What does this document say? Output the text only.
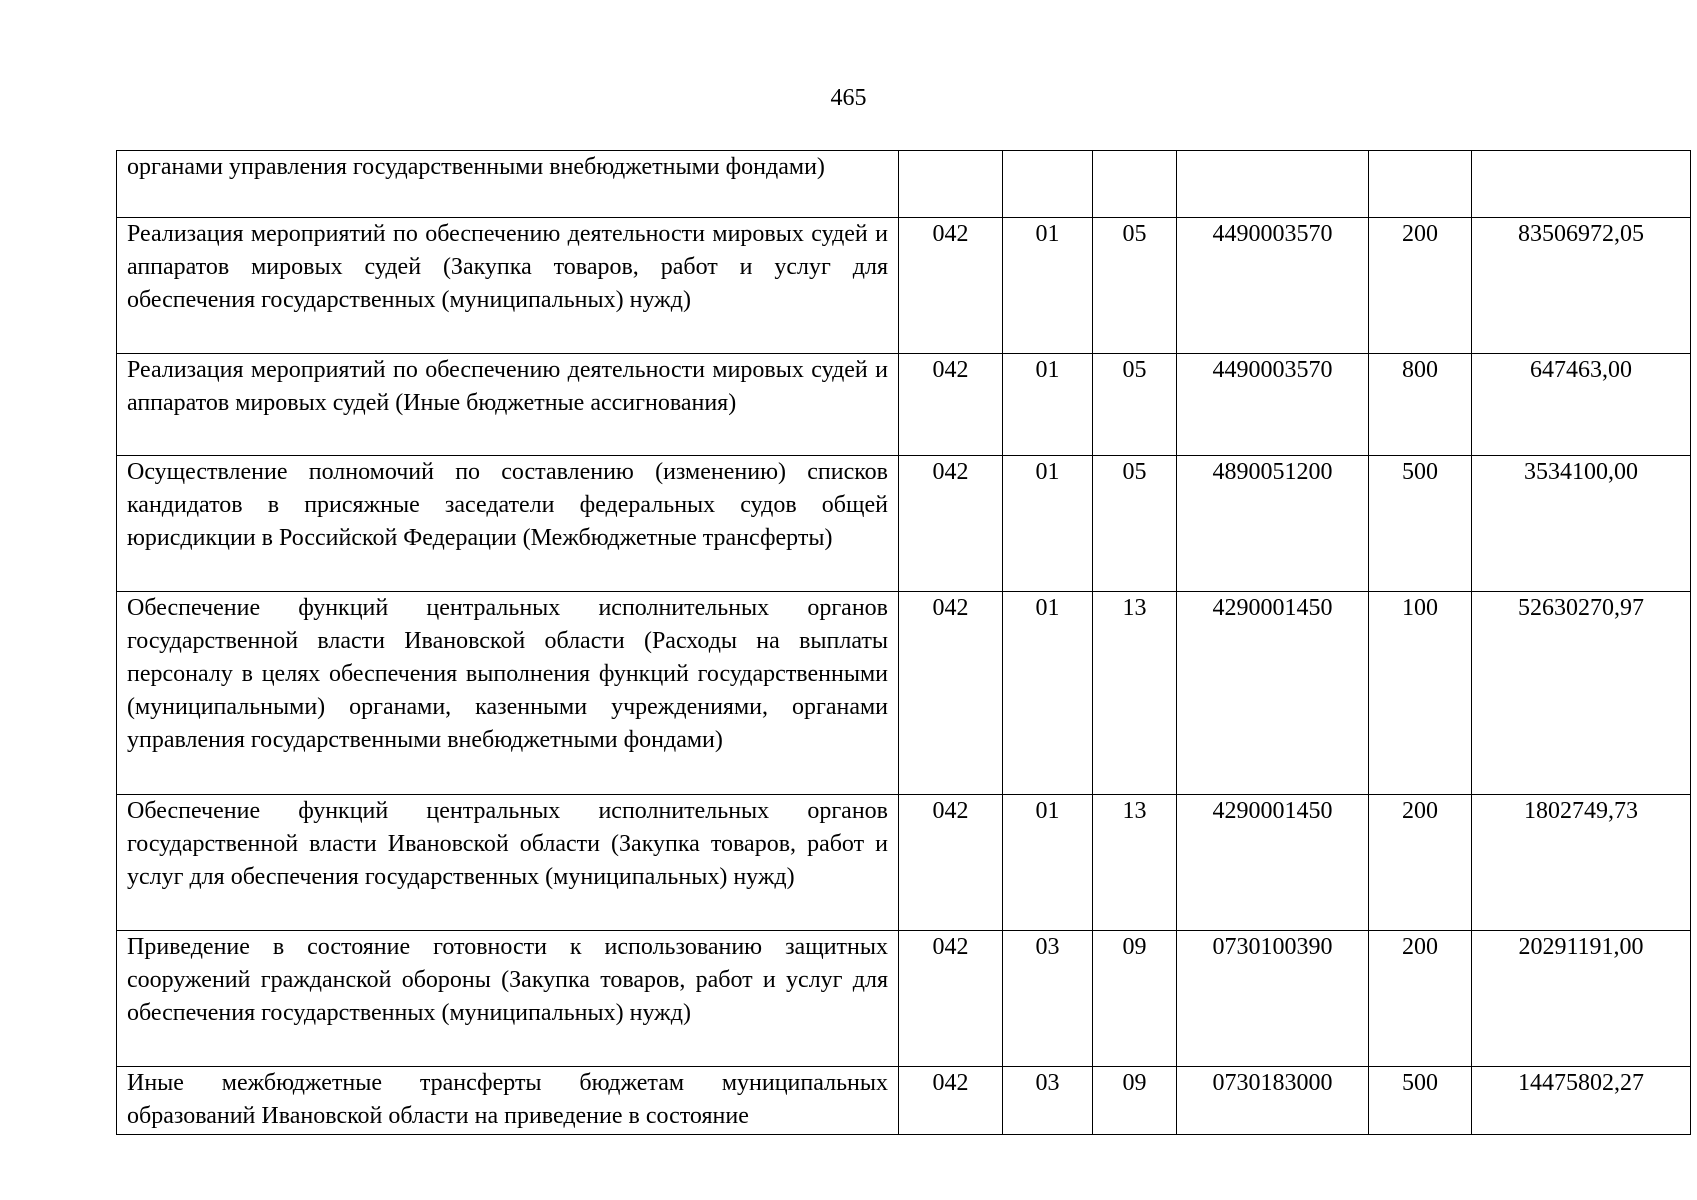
465
органами управления государственными внебюджетными фондами)						
Реализация мероприятий по обеспечению деятельности мировых судей и аппаратов мировых судей (Закупка товаров, работ и услуг для обеспечения государственных (муниципальных) нужд)	042	01	05	4490003570	200	83506972,05
Реализация мероприятий по обеспечению деятельности мировых судей и аппаратов мировых судей (Иные бюджетные ассигнования)	042	01	05	4490003570	800	647463,00
Осуществление полномочий по составлению (изменению) списков кандидатов в присяжные заседатели федеральных судов общей юрисдикции в Российской Федерации (Межбюджетные трансферты)	042	01	05	4890051200	500	3534100,00
Обеспечение функций центральных исполнительных органов государственной власти Ивановской области (Расходы на выплаты персоналу в целях обеспечения выполнения функций государственными (муниципальными) органами, казенными учреждениями, органами управления государственными внебюджетными фондами)	042	01	13	4290001450	100	52630270,97
Обеспечение функций центральных исполнительных органов государственной власти Ивановской области (Закупка товаров, работ и услуг для обеспечения государственных (муниципальных) нужд)	042	01	13	4290001450	200	1802749,73
Приведение в состояние готовности к использованию защитных сооружений гражданской обороны (Закупка товаров, работ и услуг для обеспечения государственных (муниципальных) нужд)	042	03	09	0730100390	200	20291191,00
Иные межбюджетные трансферты бюджетам муниципальных образований Ивановской области на приведение в состояние	042	03	09	0730183000	500	14475802,27
